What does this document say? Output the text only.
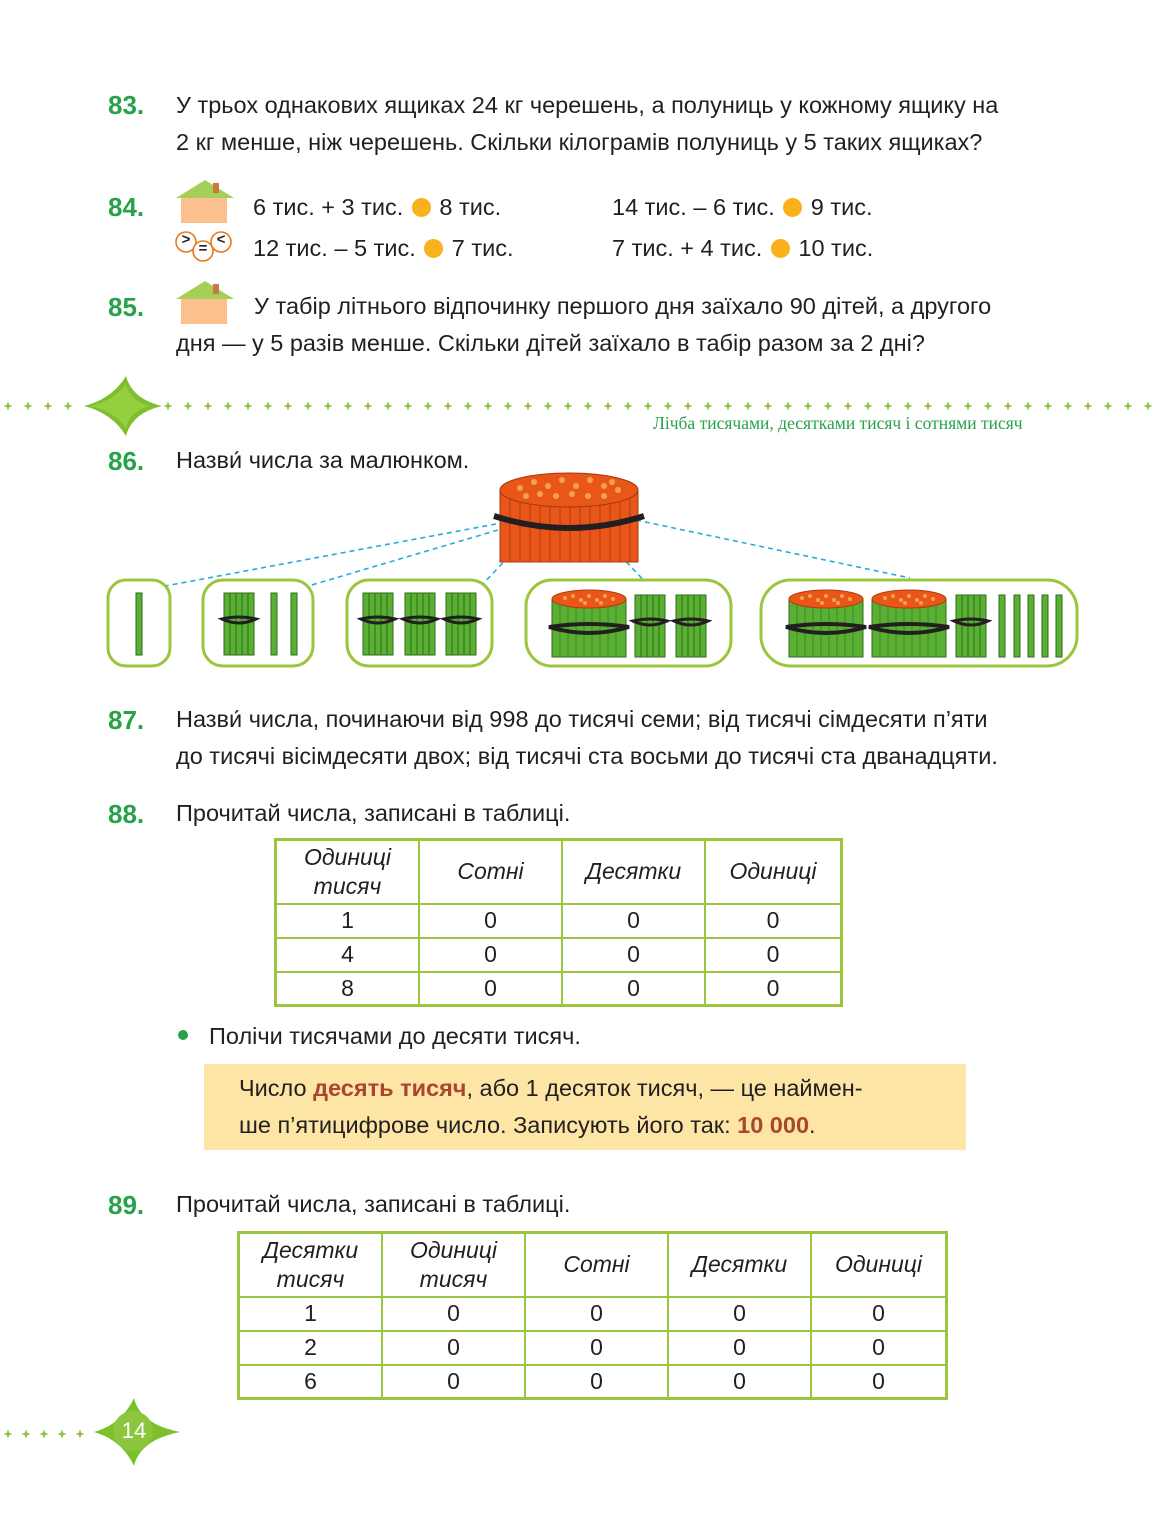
>
=
<
83. У трьох однакових ящиках 24 кг черешень, а полуниць у кожному ящику на
2 кг менше, ніж черешень. Скільки кілограмів полуниць у 5 таких ящиках?
84.	6 тис. + 3 тис. 8 тис.	14 тис. – 6 тис. 9 тис.
12 тис. – 5 тис. 7 тис.	7 тис. + 4 тис. 10 тис.
85.	У табір літнього відпочинку першого дня заїхало 90 дітей, а другого
дня — у 5 разів менше. Скільки дітей заїхало в табір разом за 2 дні?
Лічба тисячами, десятками тисяч і сотнями тисяч
86. Назви́ числа за малюнком.
87. Назви́ числа, починаючи від 998 до тисячі семи; від тисячі сімдесяти п’яти
до тисячі вісімдесяти двох; від тисячі ста восьми до тисячі ста дванадцяти.
88. Прочитай числа, записані в таблиці.
Одиниці тисяч	Сотні	Десятки	Одиниці
1	0	0	0
4	0	0	0
8	0	0	0
Полічи тисячами до десяти тисяч.

Число десять тисяч, або 1 десяток тисяч, — це наймен-
ше п’ятицифрове число. Записують його так: 10 000.

89. Прочитай числа, записані в таблиці.
Десятки тисяч	Одиниці тисяч	Сотні	Десятки	Одиниці
1	0	0	0	0
2	0	0	0	0
6	0	0	0	0
14
